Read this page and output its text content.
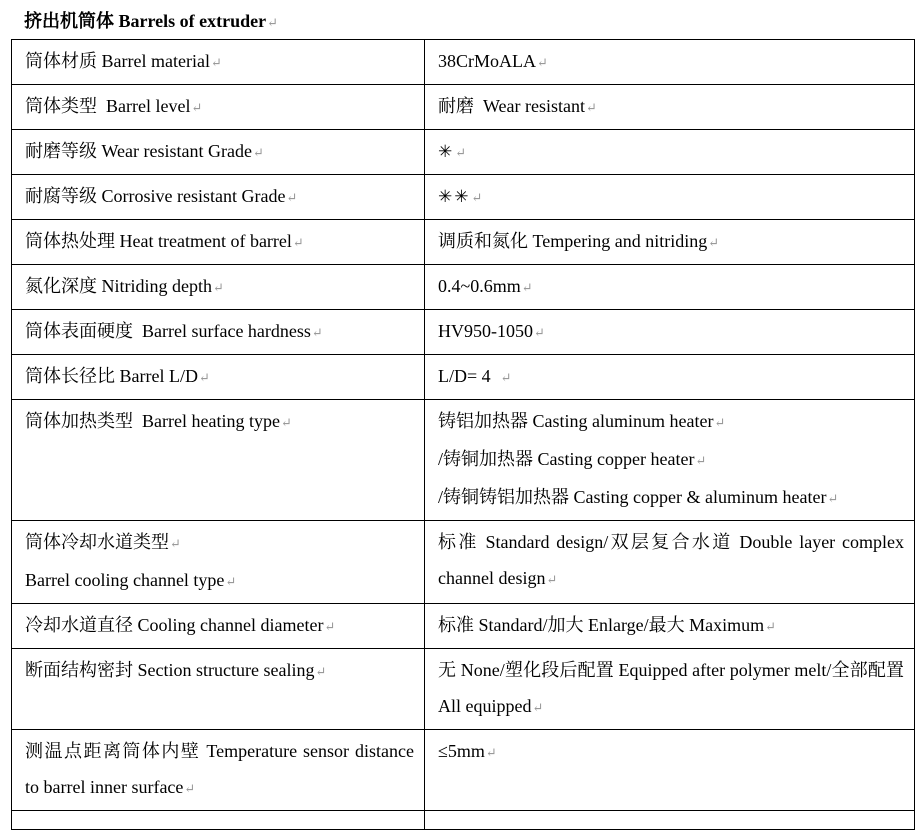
挤出机筒体 Barrels of extruder↵
筒体材质 Barrel material↵	38CrMoALA↵
筒体类型  Barrel level↵	耐磨  Wear resistant↵
耐磨等级 Wear resistant Grade↵	✳↵
耐腐等级 Corrosive resistant Grade↵	✳✳↵
筒体热处理 Heat treatment of barrel↵	调质和氮化 Tempering and nitriding↵
氮化深度 Nitriding depth↵	0.4~0.6mm↵
筒体表面硬度  Barrel surface hardness↵	HV950-1050↵
筒体长径比 Barrel L/D↵	L/D= 4  ↵
筒体加热类型  Barrel heating type↵	铸铝加热器 Casting aluminum heater↵
/铸铜加热器 Casting copper heater↵
/铸铜铸铝加热器 Casting copper & aluminum heater↵

筒体冷却水道类型↵
Barrel cooling channel type↵	标准 Standard design/双层复合水道 Double layer complex channel design↵
冷却水道直径 Cooling channel diameter↵	标准 Standard/加大 Enlarge/最大 Maximum↵
断面结构密封 Section structure sealing↵	无 None/塑化段后配置 Equipped after polymer melt/全部配置 All equipped↵
测温点距离筒体内壁 Temperature sensor distance to barrel inner surface↵	≤5mm↵
